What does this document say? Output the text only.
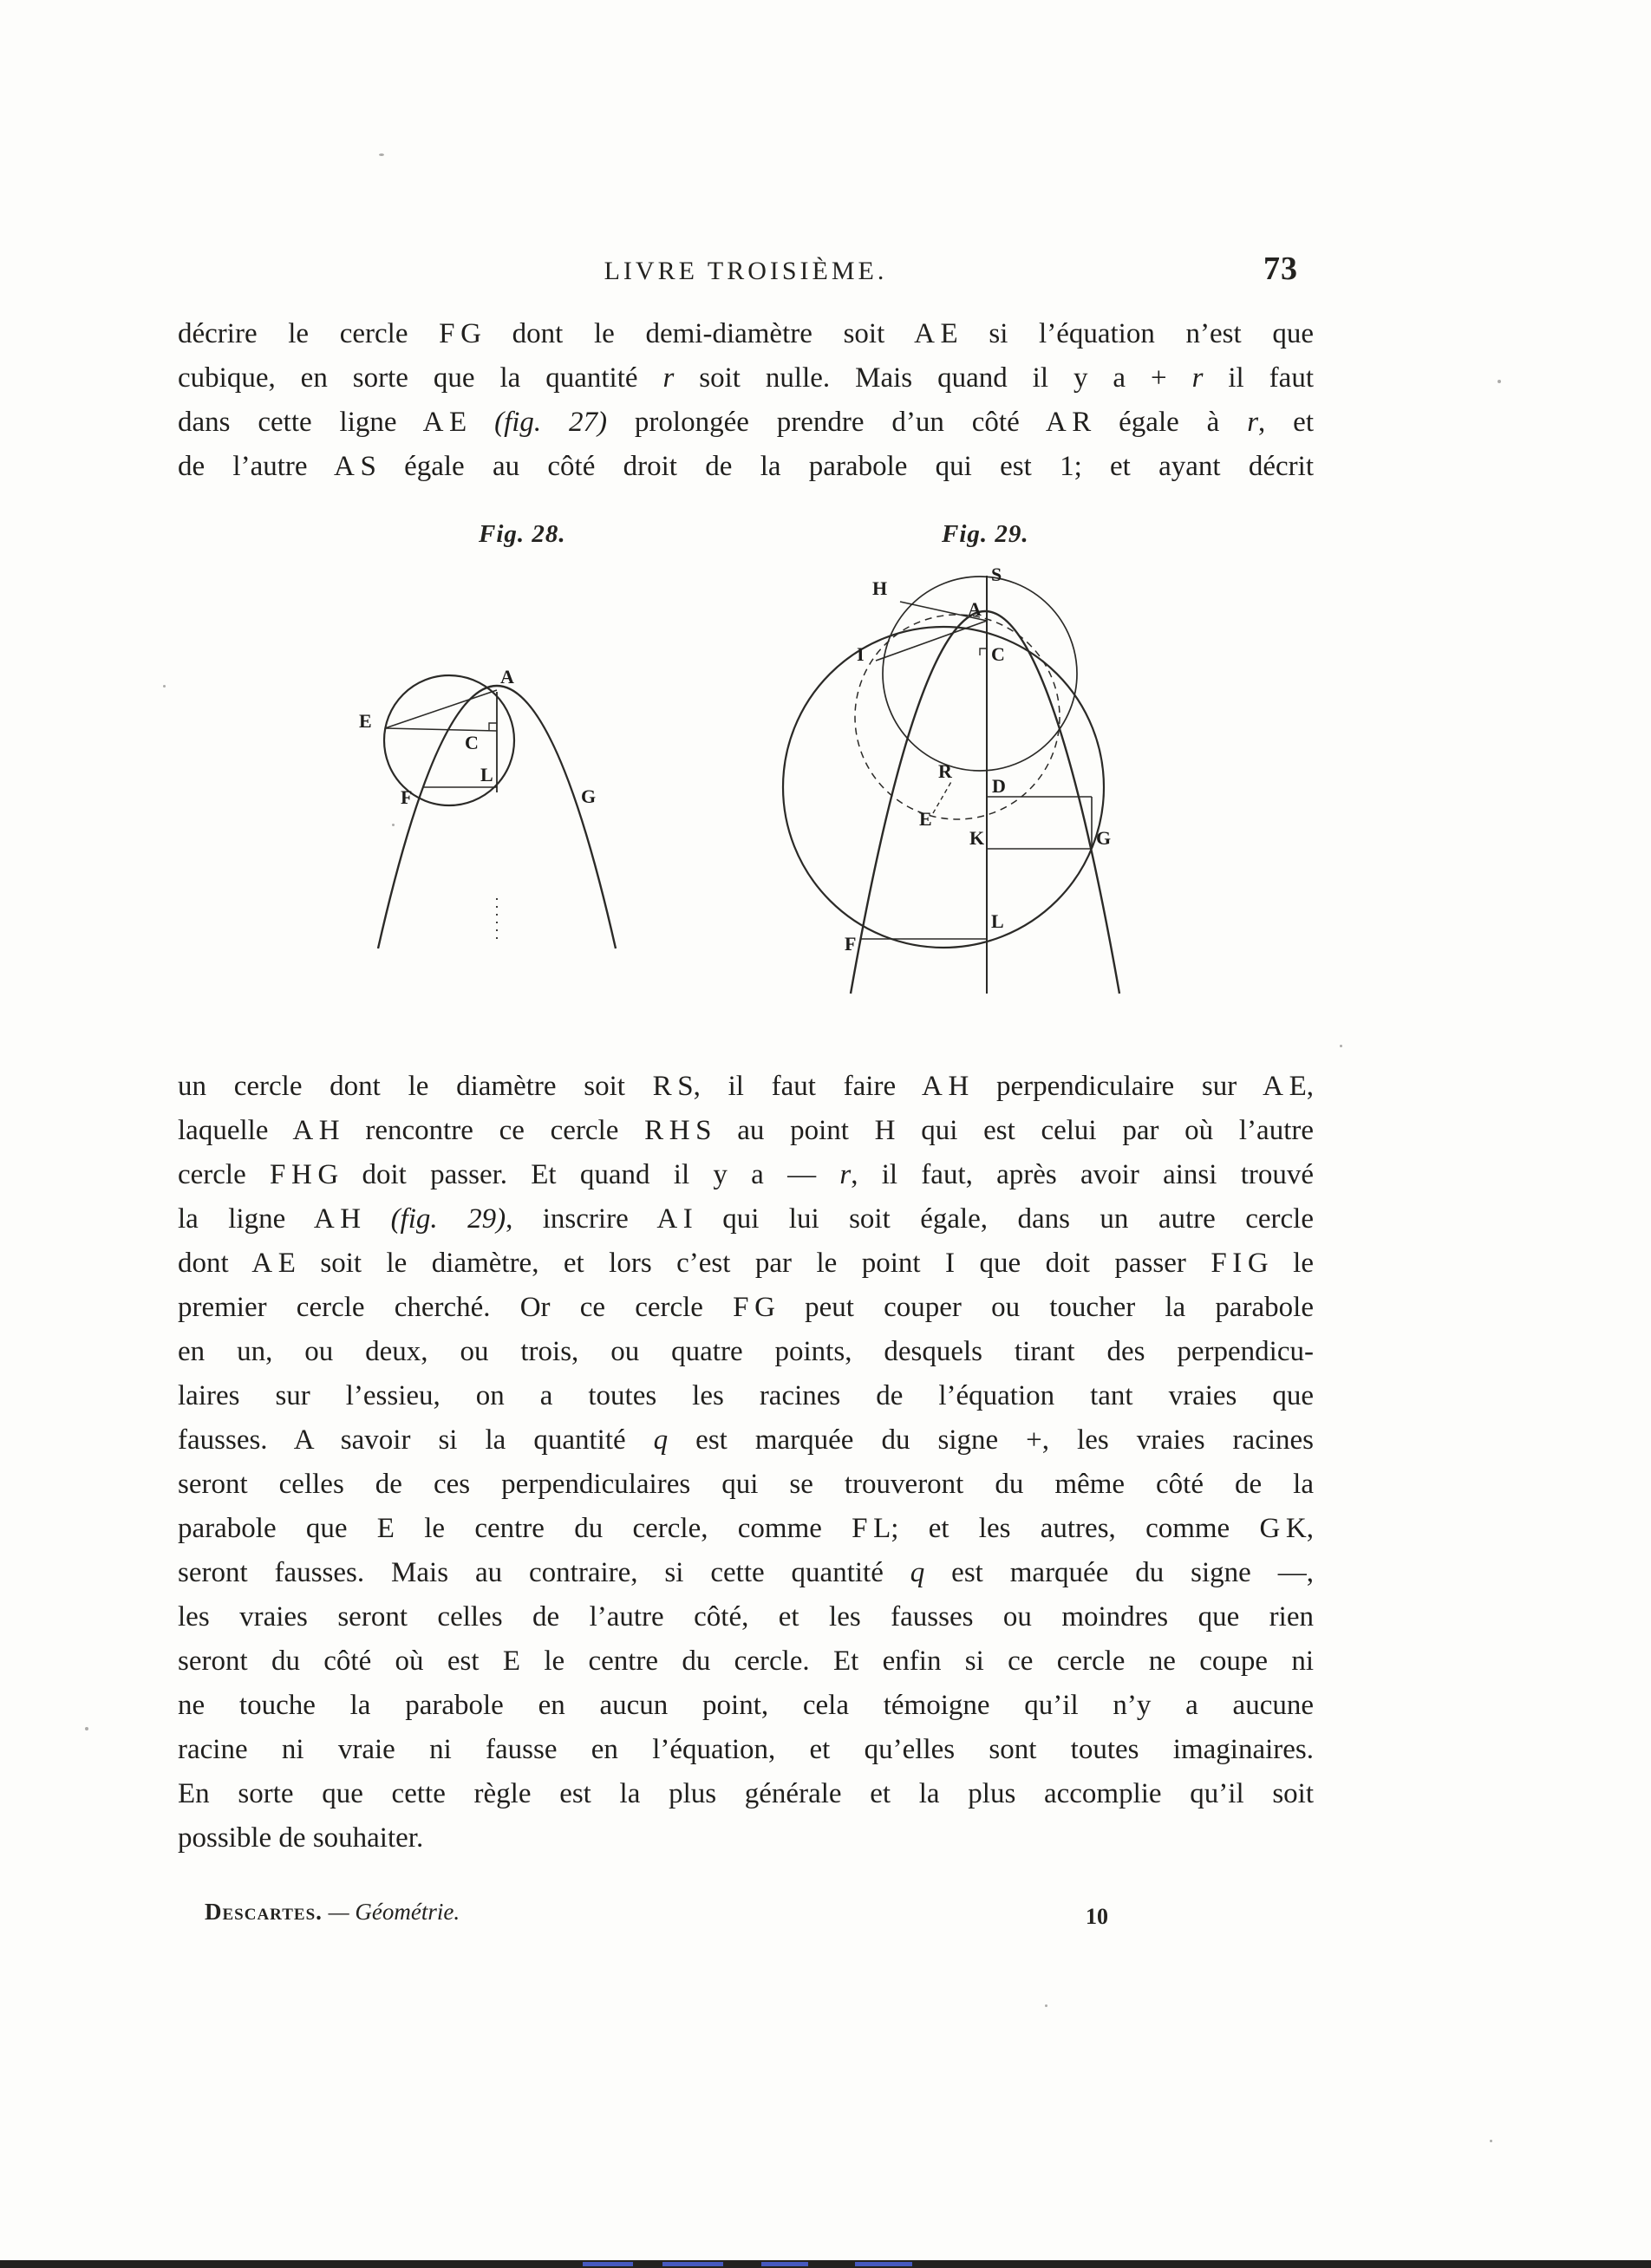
LIVRE TROISIÈME.	73
décrire le cercle F G dont le demi-diamètre soit A E si l’équation n’est que
cubique, en sorte que la quantité r soit nulle. Mais quand il y a + r il faut
dans cette ligne A E (fig. 27) prolongée prendre d’un côté A R égale à r, et
de l’autre A S égale au côté droit de la parabole qui est 1; et ayant décrit
Fig. 28.	Fig. 29.
A
E
C
F
L
G
S
H
A
I	C
R
D
E
K	G
F
L
un cercle dont le diamètre soit R S, il faut faire A H perpendiculaire sur A E,
laquelle A H rencontre ce cercle R H S au point H qui est celui par où l’autre
cercle F H G doit passer. Et quand il y a — r, il faut, après avoir ainsi trouvé
la ligne A H (fig. 29), inscrire A I qui lui soit égale, dans un autre cercle
dont A E soit le diamètre, et lors c’est par le point I que doit passer F I G le
premier cercle cherché. Or ce cercle F G peut couper ou toucher la parabole
en un, ou deux, ou trois, ou quatre points, desquels tirant des perpendicu-
laires sur l’essieu, on a toutes les racines de l’équation tant vraies que
fausses. A savoir si la quantité q est marquée du signe +, les vraies racines
seront celles de ces perpendiculaires qui se trouveront du même côté de la
parabole que E le centre du cercle, comme F L; et les autres, comme G K,
seront fausses. Mais au contraire, si cette quantité q est marquée du signe —,
les vraies seront celles de l’autre côté, et les fausses ou moindres que rien
seront du côté où est E le centre du cercle. Et enfin si ce cercle ne coupe ni
ne touche la parabole en aucun point, cela témoigne qu’il n’y a aucune
racine ni vraie ni fausse en l’équation, et qu’elles sont toutes imaginaires.
En sorte que cette règle est la plus générale et la plus accomplie qu’il soit
possible de souhaiter.
Descartes. — Géométrie.	10
